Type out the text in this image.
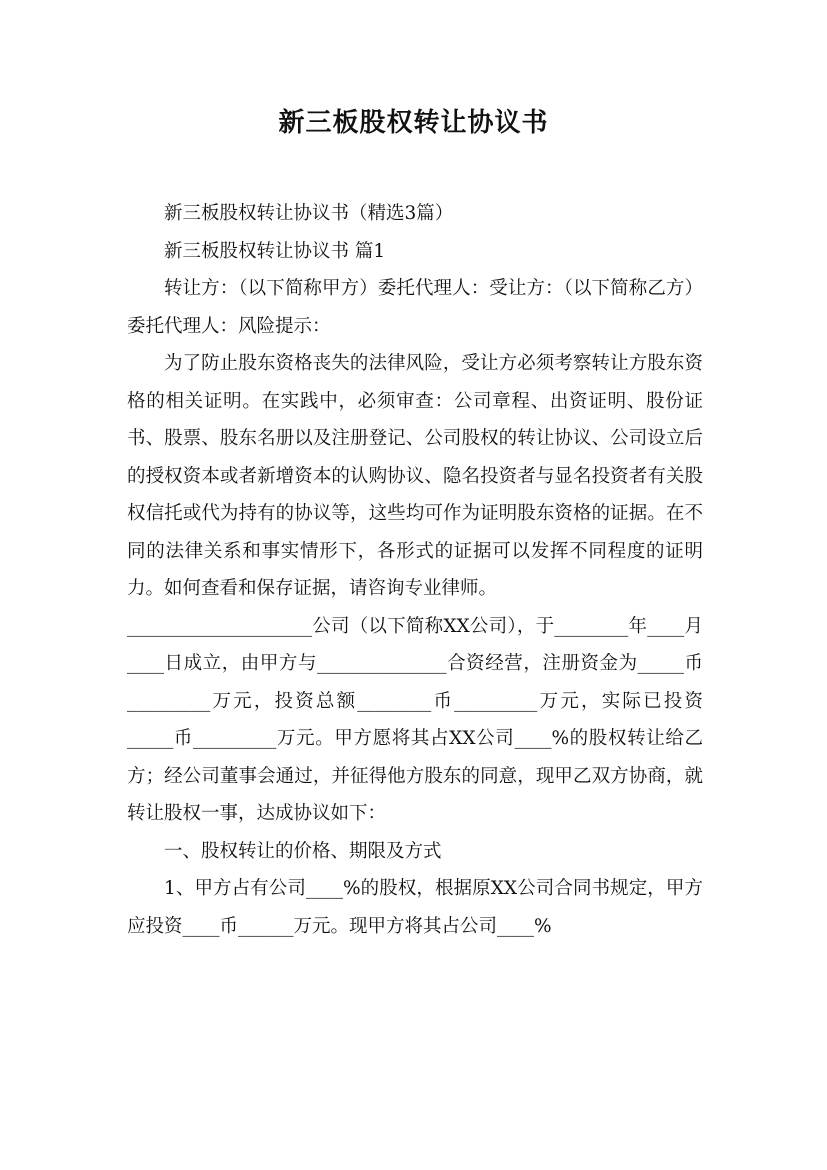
新三板股权转让协议书

新三板股权转让协议书（精选3篇）

新三板股权转让协议书 篇1

转让方：（以下简称甲方）委托代理人：受让方：（以下简称乙方）委托代理人：风险提示：

为了防止股东资格丧失的法律风险，受让方必须考察转让方股东资格的相关证明。在实践中，必须审查：公司章程、出资证明、股份证书、股票、股东名册以及注册登记、公司股权的转让协议、公司设立后的授权资本或者新增资本的认购协议、隐名投资者与显名投资者有关股权信托或代为持有的协议等，这些均可作为证明股东资格的证据。在不同的法律关系和事实情形下，各形式的证据可以发挥不同程度的证明力。如何查看和保存证据，请咨询专业律师。

____________________公司（以下简称XX公司），于________年____月____日成立，由甲方与______________合资经营，注册资金为_____币_________万元，投资总额________币_________万元，实际已投资_____币_________万元。甲方愿将其占XX公司____%的股权转让给乙方；经公司董事会通过，并征得他方股东的同意，现甲乙双方协商，就转让股权一事，达成协议如下：

一、股权转让的价格、期限及方式

1、甲方占有公司____%的股权，根据原XX公司合同书规定，甲方应投资____币______万元。现甲方将其占公司____%
